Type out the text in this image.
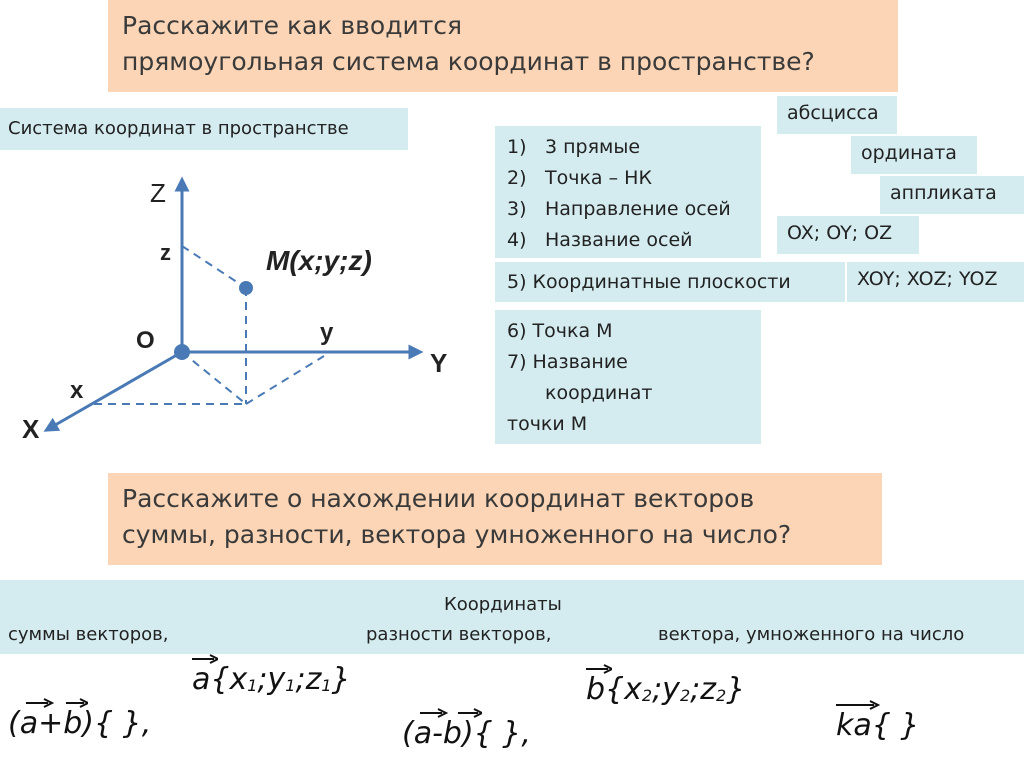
Расскажите как вводится
прямоугольная система координат в пространстве?
Система координат в пространстве
Z
Y
X
z
y
x
O
M(x;y;z)
1) 3 прямые
2) Точка – НК
3) Направление осей
4) Название осей
5) Координатные плоскости
6) Точка М
7) Название
координат
точки М
абсцисса
ордината
аппликата
OX; OY; OZ
XOY; XOZ; YOZ
Расскажите о нахождении координат векторов
суммы, разности, вектора умноженного на число?
Координаты
суммы векторов,	разности векторов,	вектора, умноженного на число
$a\{x_1;y_1;z_1\}$	$b\{x_2;y_2;z_2\}$
(a+b){ },	(a-b){ },	ka{ }
